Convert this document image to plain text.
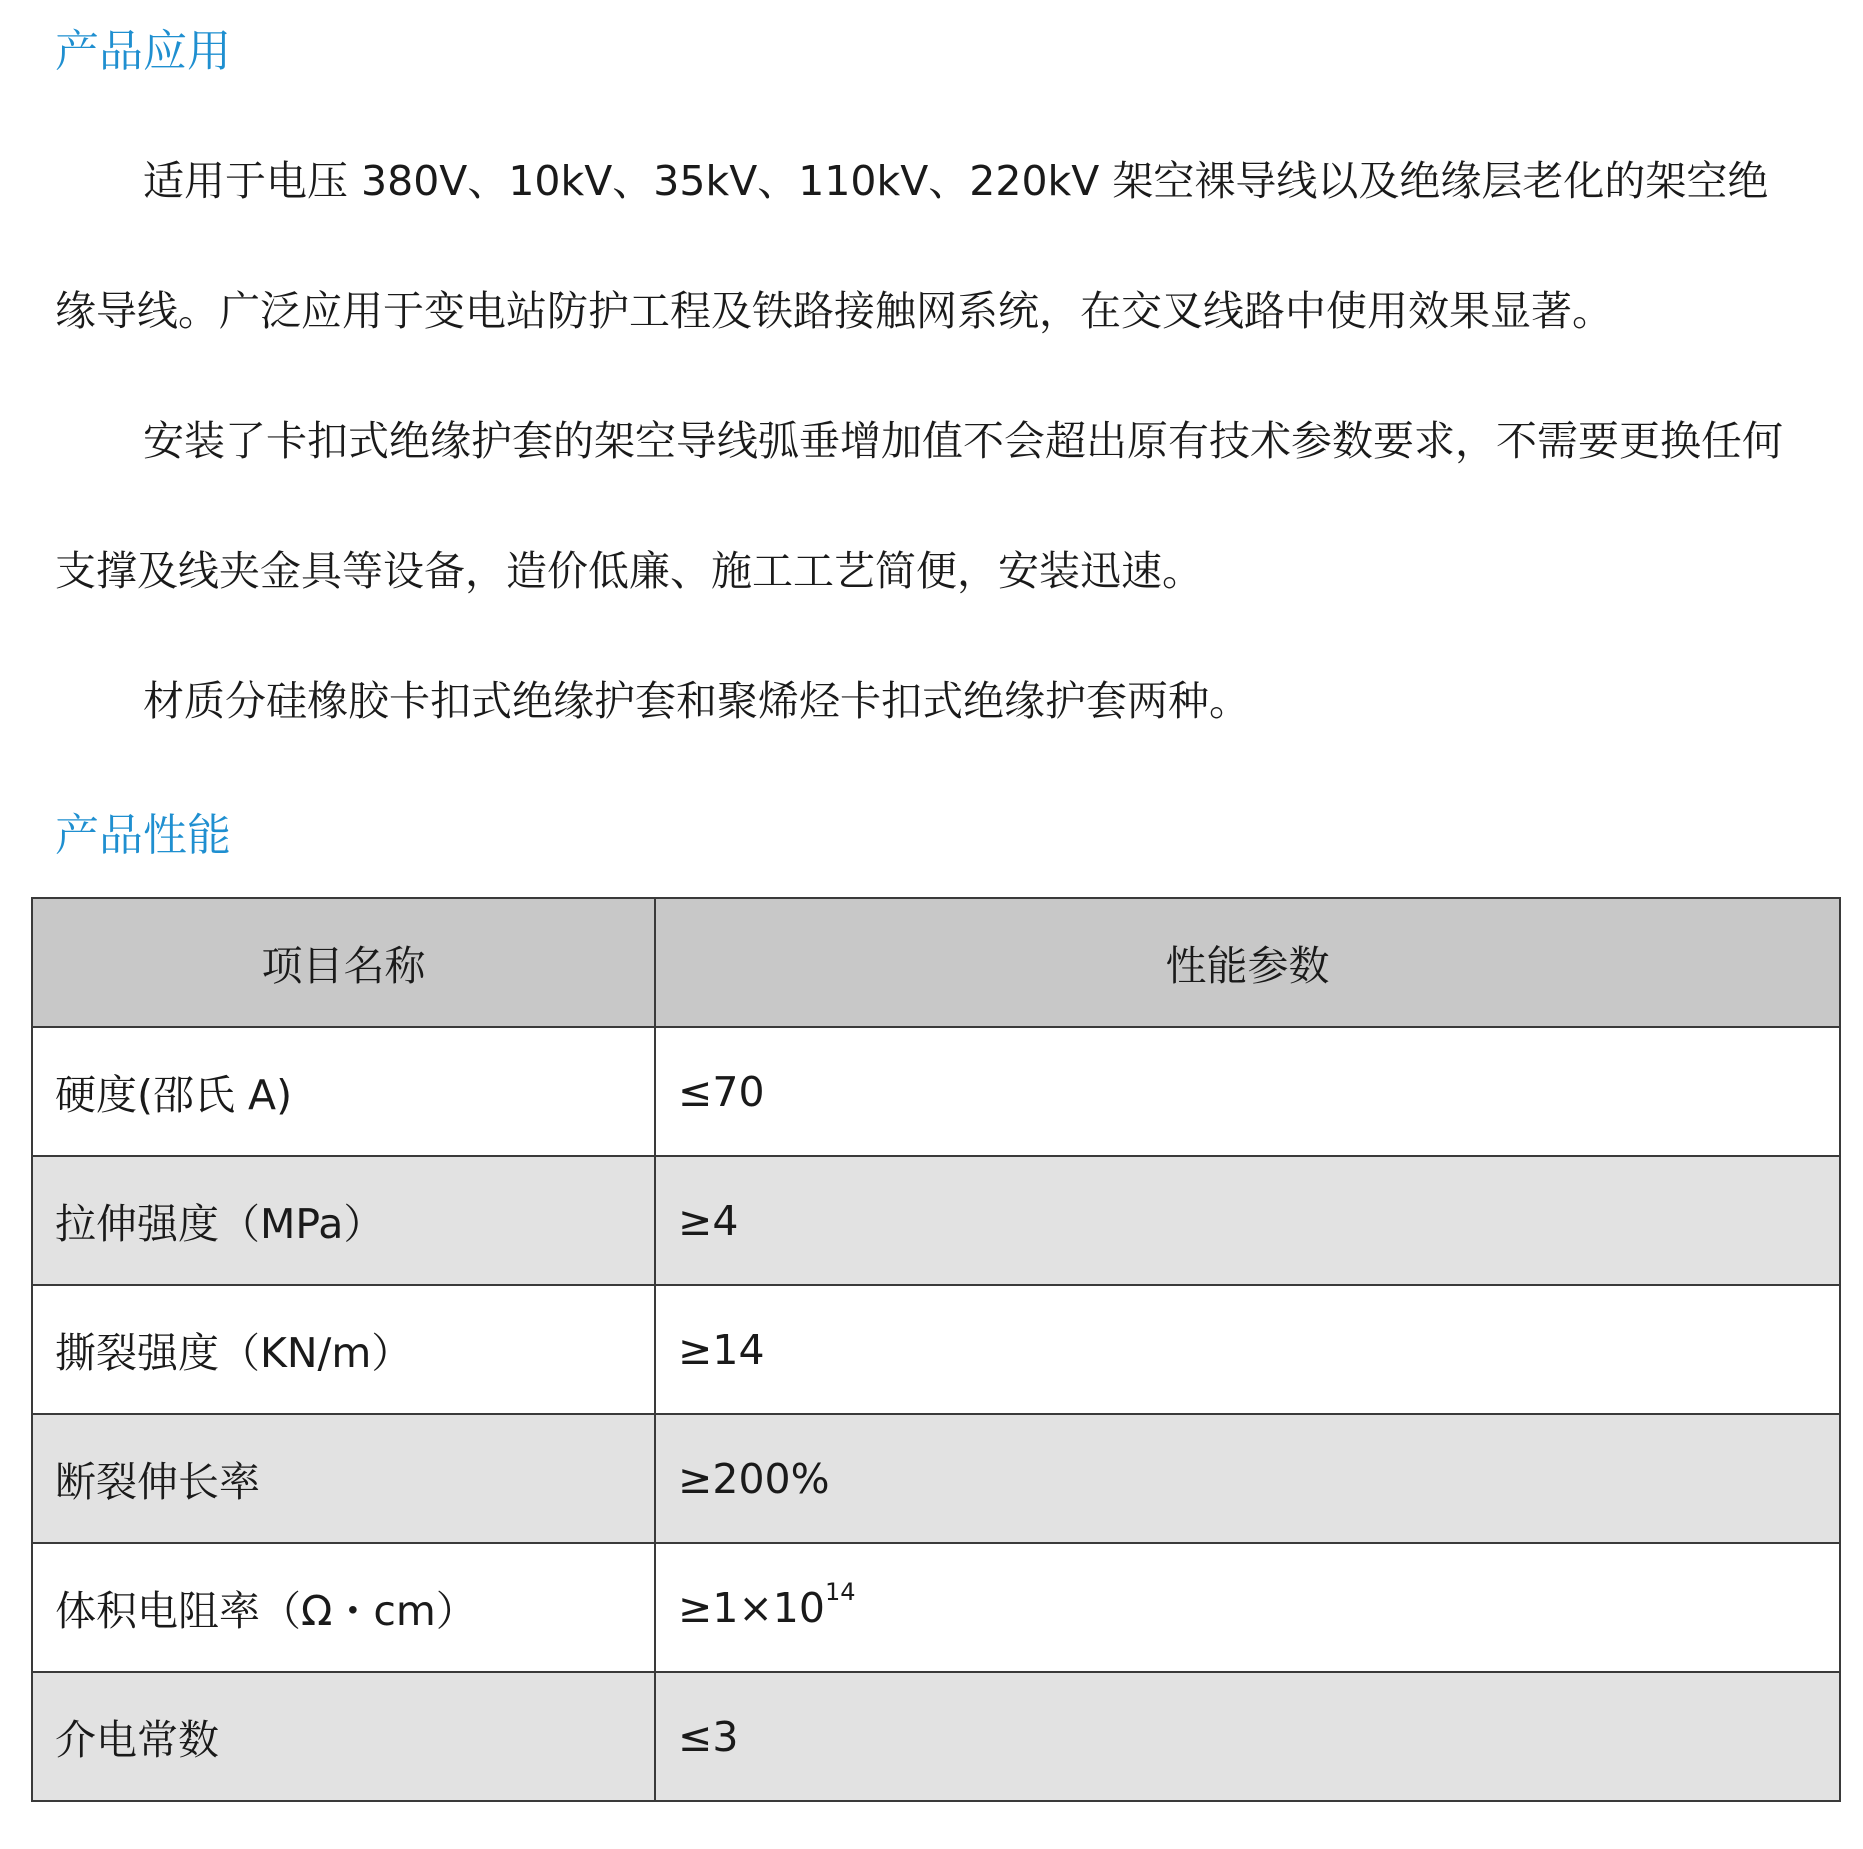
产品应用

适用于电压 380V、10kV、35kV、110kV、220kV 架空裸导线以及绝缘层老化的架空绝缘导线。广泛应用于变电站防护工程及铁路接触网系统，在交叉线路中使用效果显著。

安装了卡扣式绝缘护套的架空导线弧垂增加值不会超出原有技术参数要求，不需要更换任何支撑及线夹金具等设备，造价低廉、施工工艺简便，安装迅速。

材质分硅橡胶卡扣式绝缘护套和聚烯烃卡扣式绝缘护套两种。

产品性能
项目名称	性能参数
硬度(邵氏 A)	≤70
拉伸强度（MPa）	≥4
撕裂强度（KN/m）	≥14
断裂伸长率	≥200%
体积电阻率（Ω・cm）	$\ge 1\times 10^{14}$
介电常数	≤3
